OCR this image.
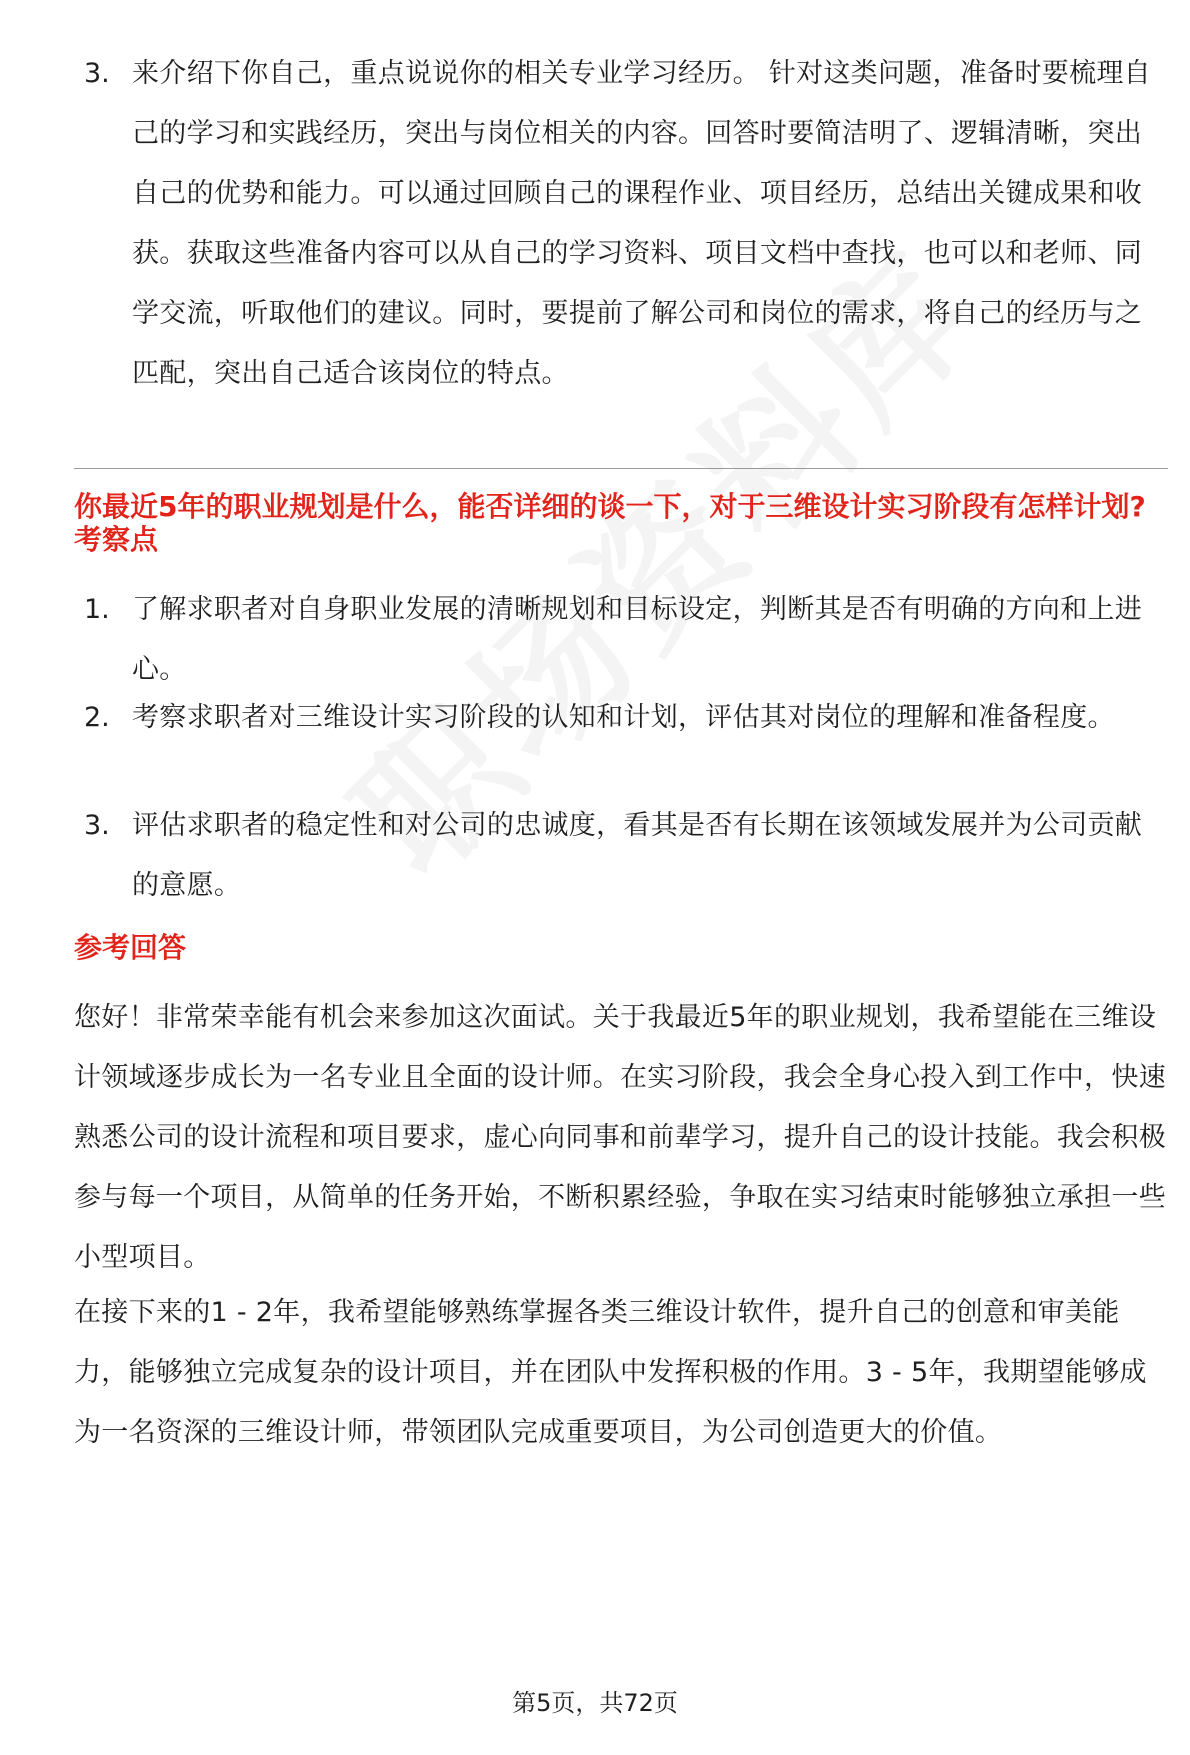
3. 来介绍下你自己，重点说说你的相关专业学习经历。 针对这类问题，准备时要梳理自己的学习和实践经历，突出与岗位相关的内容。回答时要简洁明了、逻辑清晰，突出自己的优势和能力。可以通过回顾自己的课程作业、项目经历，总结出关键成果和收获。获取这些准备内容可以从自己的学习资料、项目文档中查找，也可以和老师、同学交流，听取他们的建议。同时，要提前了解公司和岗位的需求，将自己的经历与之匹配，突出自己适合该岗位的特点。
你最近5年的职业规划是什么，能否详细的谈一下，对于三维设计实习阶段有怎样计划?
考察点
1. 了解求职者对自身职业发展的清晰规划和目标设定，判断其是否有明确的方向和上进心。
2. 考察求职者对三维设计实习阶段的认知和计划，评估其对岗位的理解和准备程度。
3. 评估求职者的稳定性和对公司的忠诚度，看其是否有长期在该领域发展并为公司贡献的意愿。
参考回答
您好！非常荣幸能有机会来参加这次面试。关于我最近5年的职业规划，我希望能在三维设计领域逐步成长为一名专业且全面的设计师。在实习阶段，我会全身心投入到工作中，快速熟悉公司的设计流程和项目要求，虚心向同事和前辈学习，提升自己的设计技能。我会积极参与每一个项目，从简单的任务开始，不断积累经验，争取在实习结束时能够独立承担一些小型项目。
在接下来的1 - 2年，我希望能够熟练掌握各类三维设计软件，提升自己的创意和审美能力，能够独立完成复杂的设计项目，并在团队中发挥积极的作用。3 - 5年，我期望能够成为一名资深的三维设计师，带领团队完成重要项目，为公司创造更大的价值。
第5页，共72页
